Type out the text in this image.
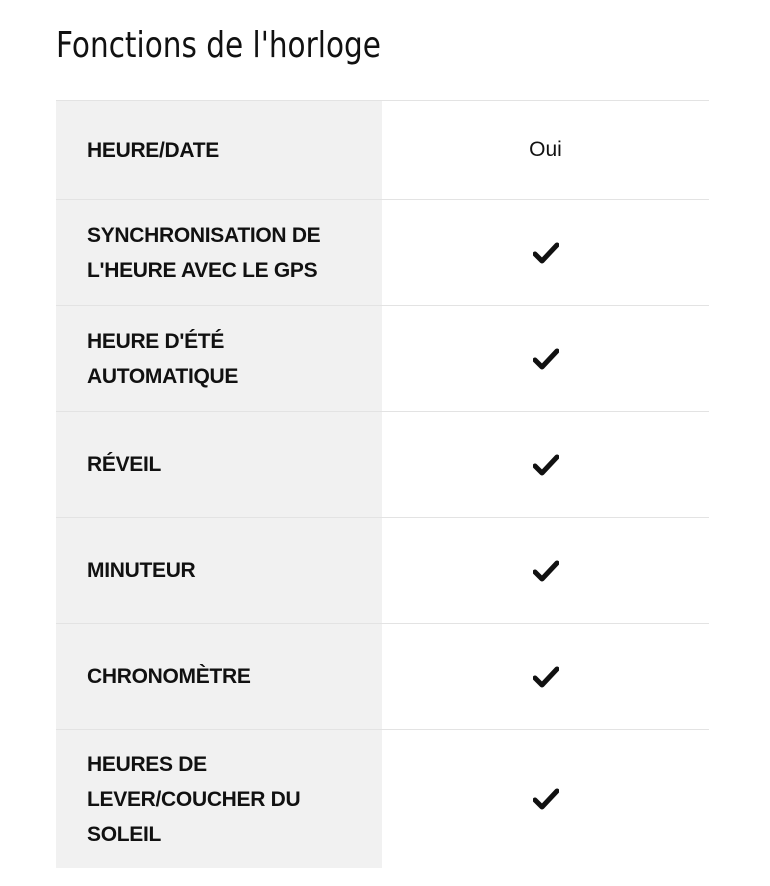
Fonctions de l'horloge
HEURE/DATE	Oui
SYNCHRONISATION DE L'HEURE AVEC LE GPS
HEURE D'ÉTÉ AUTOMATIQUE
RÉVEIL
MINUTEUR
CHRONOMÈTRE
HEURES DE LEVER/COUCHER DU SOLEIL
